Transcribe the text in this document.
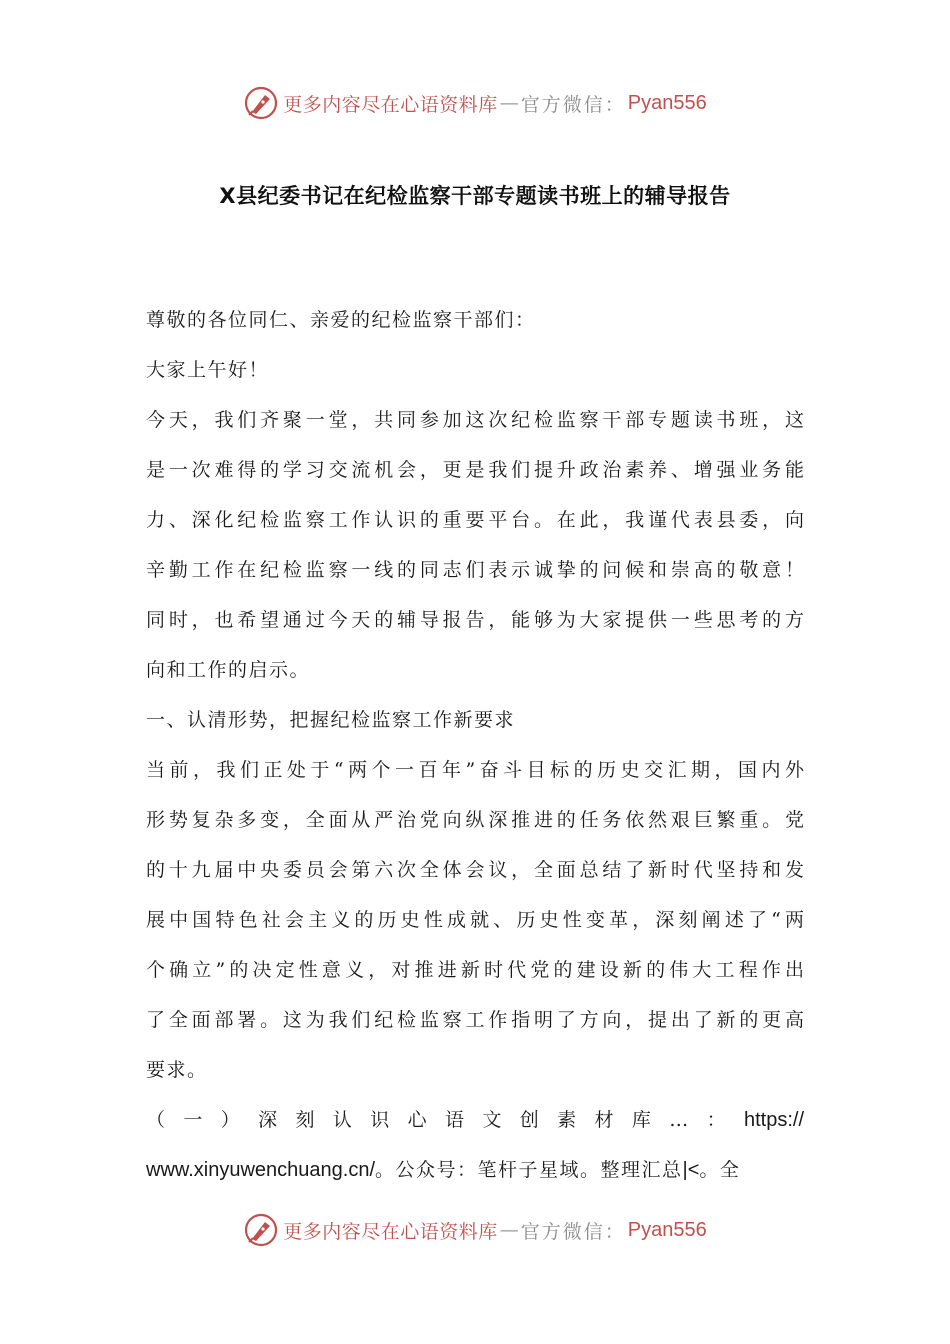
更多内容尽在心语资料库 — 官方微信： Pyan556
X县纪委书记在纪检监察干部专题读书班上的辅导报告
尊敬的各位同仁、亲爱的纪检监察干部们：
大家上午好！
今天，我们齐聚一堂，共同参加这次纪检监察干部专题读书班，这
是一次难得的学习交流机会，更是我们提升政治素养、增强业务能
力、深化纪检监察工作认识的重要平台。在此，我谨代表县委，向
辛勤工作在纪检监察一线的同志们表示诚挚的问候和崇高的敬意！
同时，也希望通过今天的辅导报告，能够为大家提供一些思考的方
向和工作的启示。
一、认清形势，把握纪检监察工作新要求
当前，我们正处于“两个一百年”奋斗目标的历史交汇期，国内外
形势复杂多变，全面从严治党向纵深推进的任务依然艰巨繁重。党
的十九届中央委员会第六次全体会议，全面总结了新时代坚持和发
展中国特色社会主义的历史性成就、历史性变革，深刻阐述了“两
个确立”的决定性意义，对推进新时代党的建设新的伟大工程作出
了全面部署。这为我们纪检监察工作指明了方向，提出了新的更高
要求。
（一）深刻认识心语文创素材库…：https://
www.xinyuwenchuang.cn/。公众号：笔杆子星域。整理汇总|<。全
更多内容尽在心语资料库 — 官方微信： Pyan556
